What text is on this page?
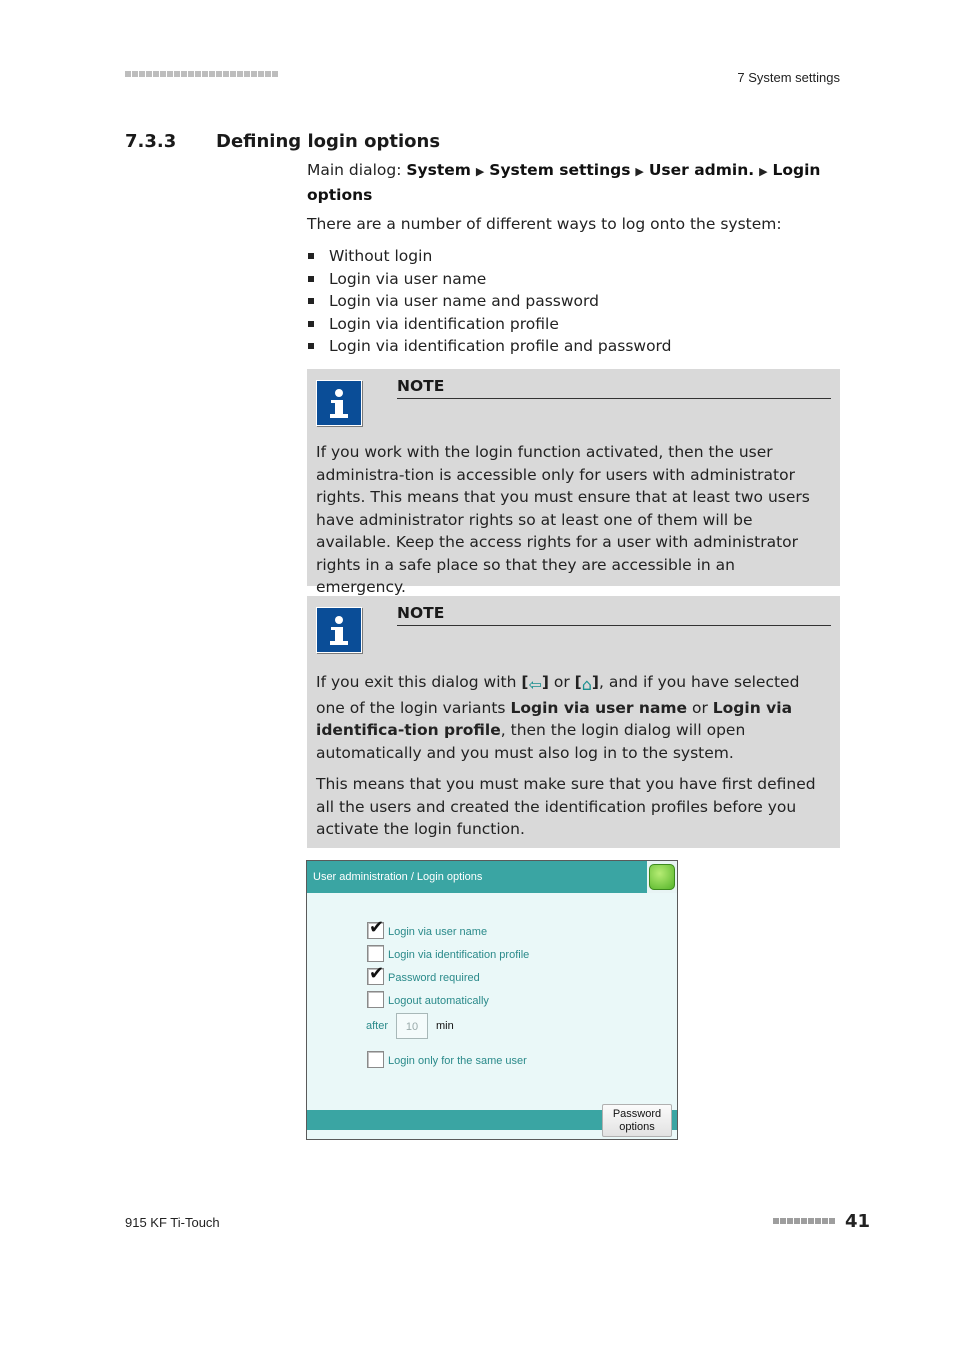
7 System settings
7.3.3 Defining login options
Main dialog: System ▶ System settings ▶ User admin. ▶ Login options
There are a number of different ways to log onto the system:
Without login
Login via user name
Login via user name and password
Login via identification profile
Login via identification profile and password
NOTE

If you work with the login function activated, then the user administra-tion is accessible only for users with administrator rights. This means that you must ensure that at least two users have administrator rights so at least one of them will be available. Keep the access rights for a user with administrator rights in a safe place so that they are accessible in an emergency.

NOTE

If you exit this dialog with [⇦] or [⌂], and if you have selected one of the login variants Login via user name or Login via identifica-tion profile, then the login dialog will open automatically and you must also log in to the system.

This means that you must make sure that you have first defined all the users and created the identification profiles before you activate the login function.

User administration / Login options
✔ Login via user name
Login via identification profile
✔ Password required
Logout automatically
after	10	min
Login only for the same user
Password
options
915 KF Ti-Touch	41
